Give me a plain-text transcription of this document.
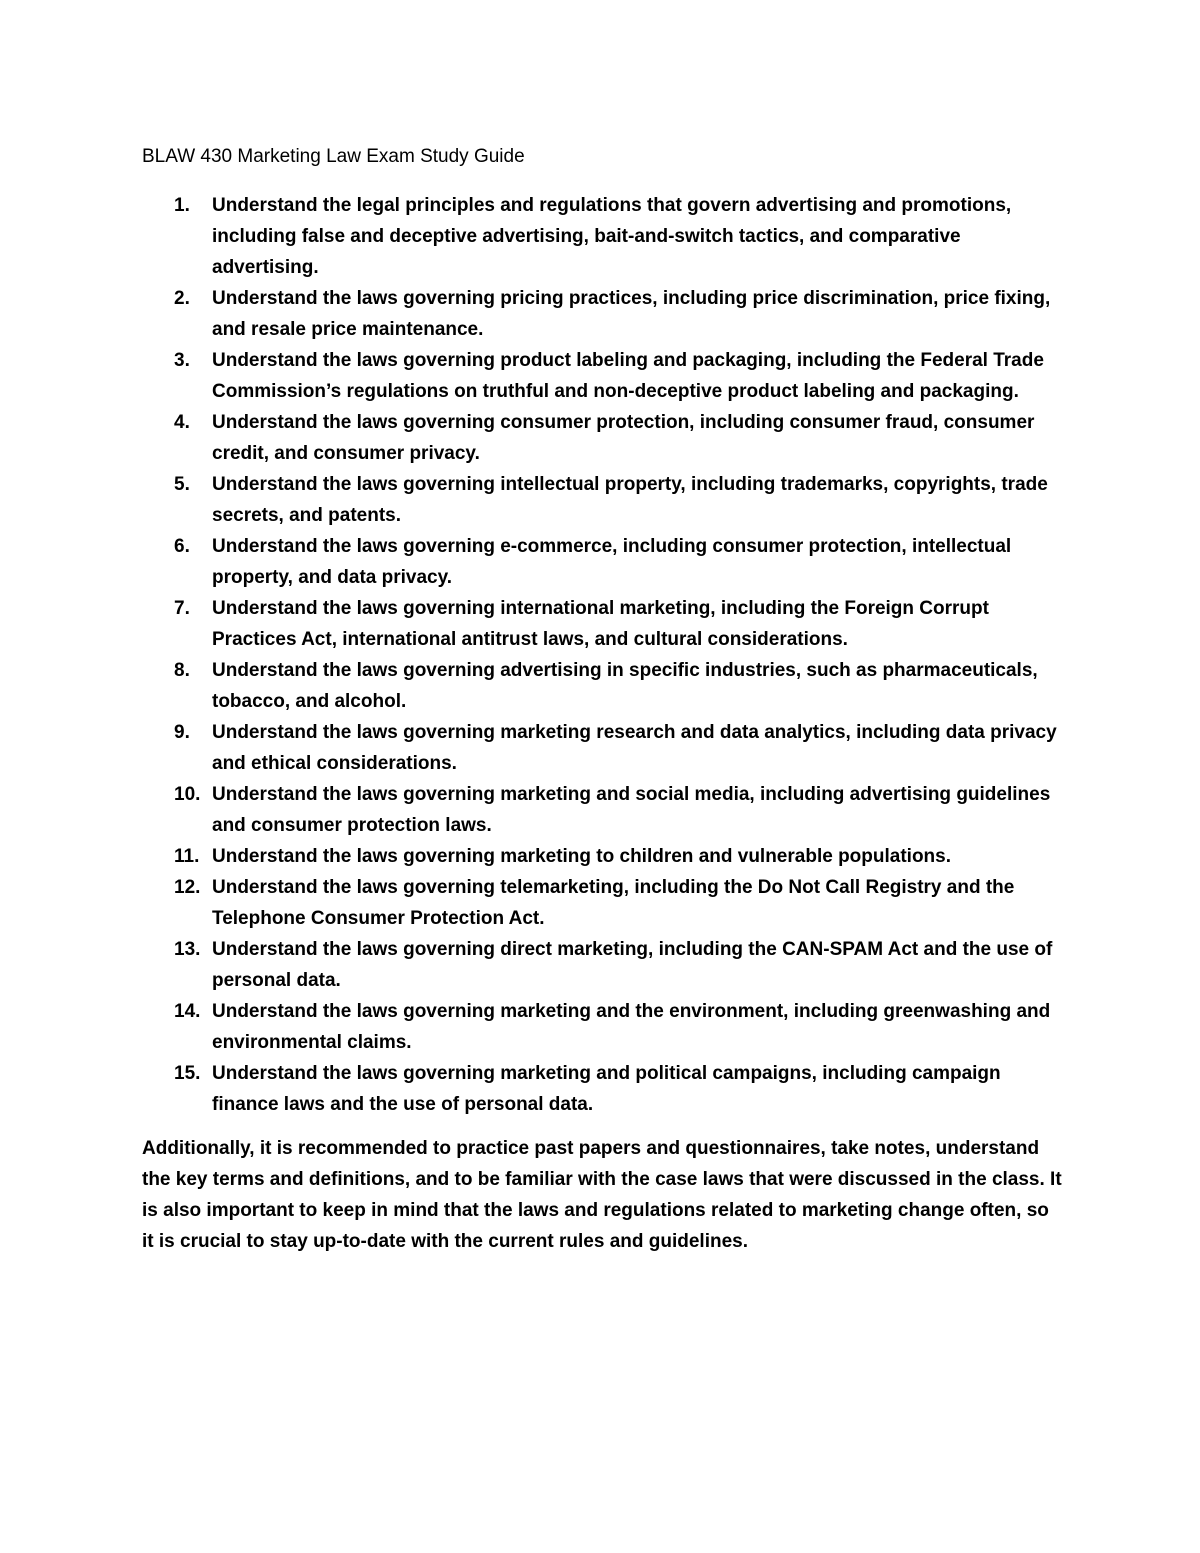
BLAW 430 Marketing Law Exam Study Guide
1. Understand the legal principles and regulations that govern advertising and promotions, including false and deceptive advertising, bait-and-switch tactics, and comparative advertising.
2. Understand the laws governing pricing practices, including price discrimination, price fixing, and resale price maintenance.
3. Understand the laws governing product labeling and packaging, including the Federal Trade Commission’s regulations on truthful and non-deceptive product labeling and packaging.
4. Understand the laws governing consumer protection, including consumer fraud, consumer credit, and consumer privacy.
5. Understand the laws governing intellectual property, including trademarks, copyrights, trade secrets, and patents.
6. Understand the laws governing e-commerce, including consumer protection, intellectual property, and data privacy.
7. Understand the laws governing international marketing, including the Foreign Corrupt Practices Act, international antitrust laws, and cultural considerations.
8. Understand the laws governing advertising in specific industries, such as pharmaceuticals, tobacco, and alcohol.
9. Understand the laws governing marketing research and data analytics, including data privacy and ethical considerations.
10. Understand the laws governing marketing and social media, including advertising guidelines and consumer protection laws.
11. Understand the laws governing marketing to children and vulnerable populations.
12. Understand the laws governing telemarketing, including the Do Not Call Registry and the Telephone Consumer Protection Act.
13. Understand the laws governing direct marketing, including the CAN-SPAM Act and the use of personal data.
14. Understand the laws governing marketing and the environment, including greenwashing and environmental claims.
15. Understand the laws governing marketing and political campaigns, including campaign finance laws and the use of personal data.

Additionally, it is recommended to practice past papers and questionnaires, take notes, understand the key terms and definitions, and to be familiar with the case laws that were discussed in the class. It is also important to keep in mind that the laws and regulations related to marketing change often, so it is crucial to stay up-to-date with the current rules and guidelines.
